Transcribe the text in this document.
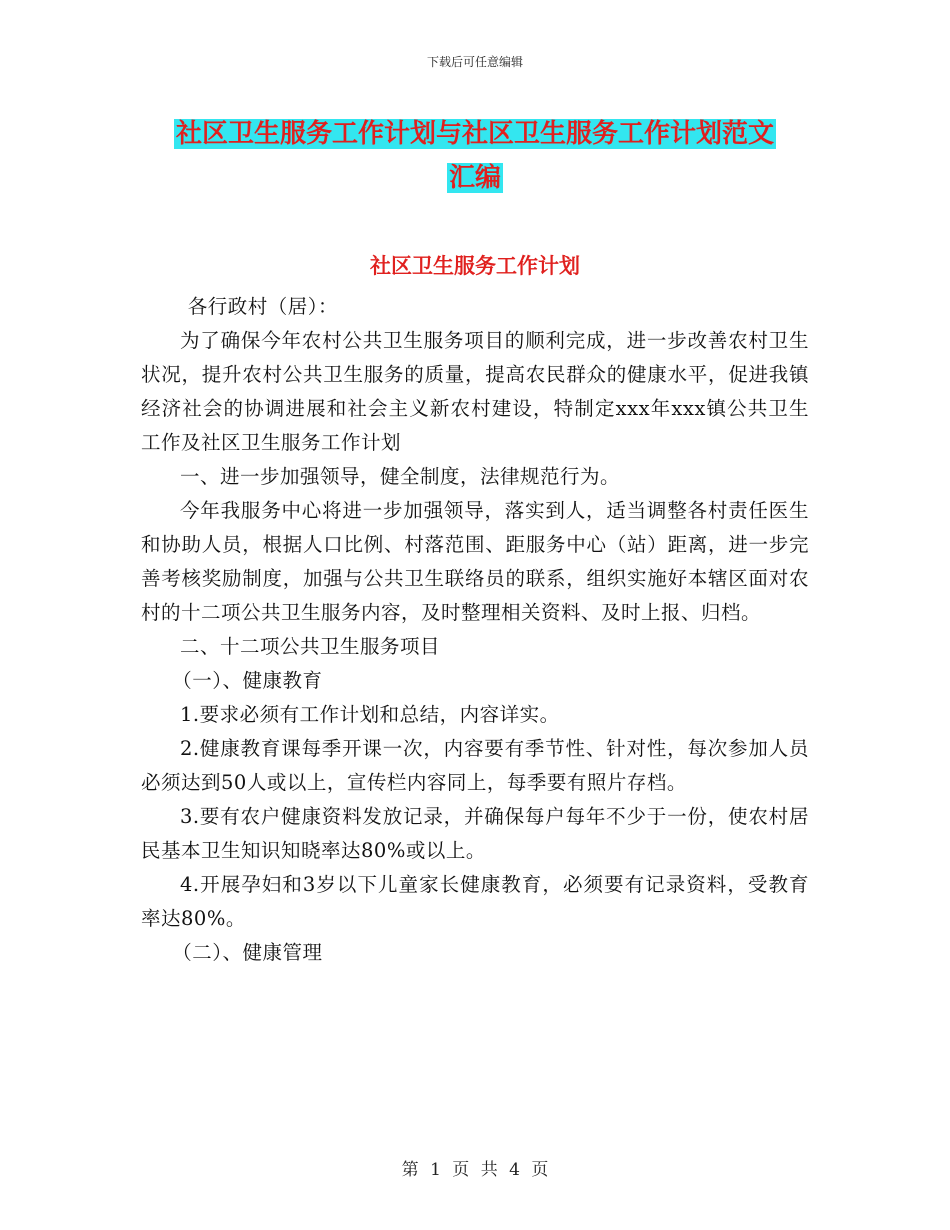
下载后可任意编辑
社区卫生服务工作计划与社区卫生服务工作计划范文
汇编
社区卫生服务工作计划

各行政村（居）：

为了确保今年农村公共卫生服务项目的顺利完成，进一步改善农村卫生状况，提升农村公共卫生服务的质量，提高农民群众的健康水平，促进我镇经济社会的协调进展和社会主义新农村建设，特制定xxx年xxx镇公共卫生工作及社区卫生服务工作计划

一、进一步加强领导，健全制度，法律规范行为。

今年我服务中心将进一步加强领导，落实到人，适当调整各村责任医生和协助人员，根据人口比例、村落范围、距服务中心（站）距离，进一步完善考核奖励制度，加强与公共卫生联络员的联系，组织实施好本辖区面对农村的十二项公共卫生服务内容，及时整理相关资料、及时上报、归档。

二、十二项公共卫生服务项目

（一）、健康教育

1.要求必须有工作计划和总结，内容详实。

2.健康教育课每季开课一次，内容要有季节性、针对性，每次参加人员必须达到50人或以上，宣传栏内容同上，每季要有照片存档。

3.要有农户健康资料发放记录，并确保每户每年不少于一份，使农村居民基本卫生知识知晓率达80%或以上。

4.开展孕妇和3岁以下儿童家长健康教育，必须要有记录资料，受教育率达80%。

（二）、健康管理

第 1 页 共 4 页
